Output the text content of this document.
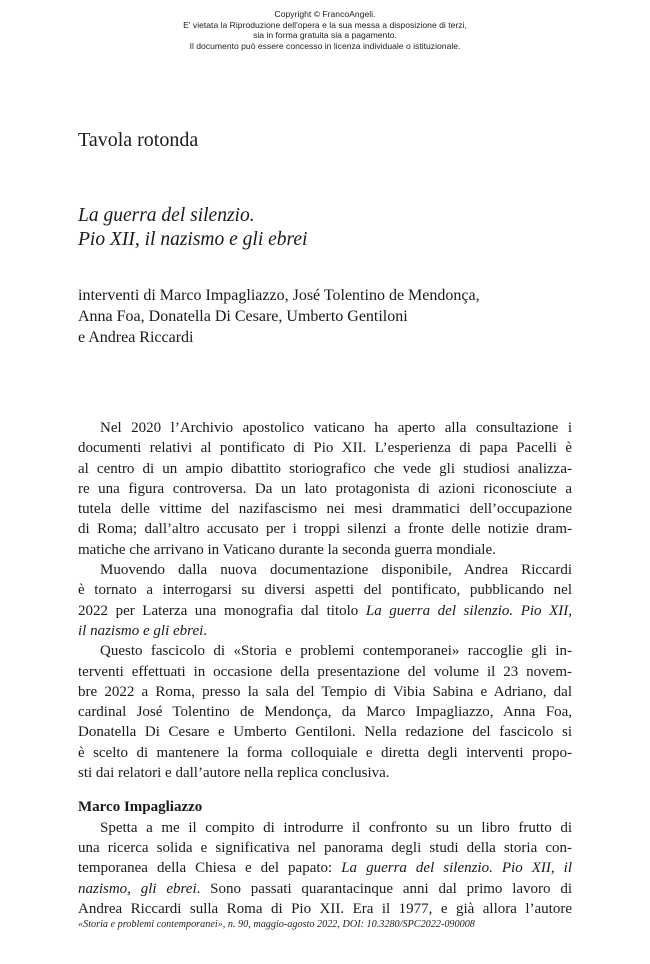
Copyright © FrancoAngeli.
E' vietata la Riproduzione dell'opera e la sua messa a disposizione di terzi,
sia in forma gratuita sia a pagamento.
Il documento può essere concesso in licenza individuale o istituzionale.
Tavola rotonda
La guerra del silenzio.
Pio XII, il nazismo e gli ebrei
interventi di Marco Impagliazzo, José Tolentino de Mendonça,
Anna Foa, Donatella Di Cesare, Umberto Gentiloni
e Andrea Riccardi
Nel 2020 l’Archivio apostolico vaticano ha aperto alla consultazione i
documenti relativi al pontificato di Pio XII. L’esperienza di papa Pacelli è
al centro di un ampio dibattito storiografico che vede gli studiosi analizza-
re una figura controversa. Da un lato protagonista di azioni riconosciute a
tutela delle vittime del nazifascismo nei mesi drammatici dell’occupazione
di Roma; dall’altro accusato per i troppi silenzi a fronte delle notizie dram-
matiche che arrivano in Vaticano durante la seconda guerra mondiale.
Muovendo dalla nuova documentazione disponibile, Andrea Riccardi
è tornato a interrogarsi su diversi aspetti del pontificato, pubblicando nel
2022 per Laterza una monografia dal titolo La guerra del silenzio. Pio XII,
il nazismo e gli ebrei.
Questo fascicolo di «Storia e problemi contemporanei» raccoglie gli in-
terventi effettuati in occasione della presentazione del volume il 23 novem-
bre 2022 a Roma, presso la sala del Tempio di Vibia Sabina e Adriano, dal
cardinal José Tolentino de Mendonça, da Marco Impagliazzo, Anna Foa,
Donatella Di Cesare e Umberto Gentiloni. Nella redazione del fascicolo si
è scelto di mantenere la forma colloquiale e diretta degli interventi propo-
sti dai relatori e dall’autore nella replica conclusiva.
Marco Impagliazzo
Spetta a me il compito di introdurre il confronto su un libro frutto di
una ricerca solida e significativa nel panorama degli studi della storia con-
temporanea della Chiesa e del papato: La guerra del silenzio. Pio XII, il
nazismo, gli ebrei. Sono passati quarantacinque anni dal primo lavoro di
Andrea Riccardi sulla Roma di Pio XII. Era il 1977, e già allora l’autore
«Storia e problemi contemporanei», n. 90, maggio-agosto 2022, DOI: 10.3280/SPC2022-090008
